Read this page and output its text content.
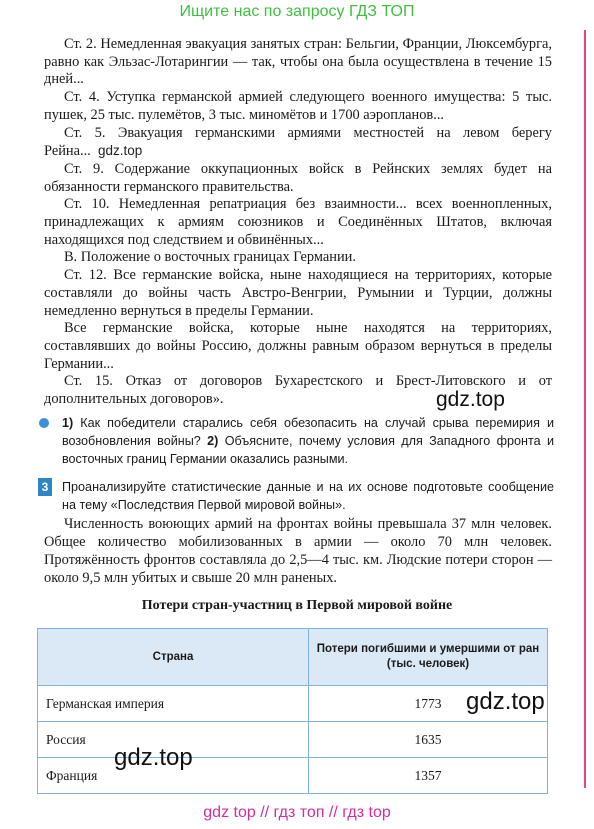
Ищите нас по запросу ГДЗ ТОП

Ст. 2. Немедленная эвакуация занятых стран: Бельгии, Франции, Люксембурга, равно как Эльзас-Лотарингии — так, чтобы она была осуществлена в течение 15 дней...

Ст. 4. Уступка германской армией следующего военного имущества: 5 тыс. пушек, 25 тыс. пулемётов, 3 тыс. миномётов и 1700 аэропланов...

Ст. 5. Эвакуация германскими армиями местностей на левом берегу Рейна... gdz.top

Ст. 9. Содержание оккупационных войск в Рейнских землях будет на обязанности германского правительства.

Ст. 10. Немедленная репатриация без взаимности... всех военнопленных, принадлежащих к армиям союзников и Соединённых Штатов, включая находящихся под следствием и обвинённых...

В. Положение о восточных границах Германии.

Ст. 12. Все германские войска, ныне находящиеся на территориях, которые составляли до войны часть Австро-Венгрии, Румынии и Турции, должны немедленно вернуться в пределы Германии.

Все германские войска, которые ныне находятся на территориях, составлявших до войны Россию, должны равным образом вернуться в пределы Германии...

Ст. 15. Отказ от договоров Бухарестского и Брест-Литовского и от дополнительных договоров».

1) Как победители старались себя обезопасить на случай срыва перемирия и возобновления войны? 2) Объясните, почему условия для Западного фронта и восточных границ Германии оказались разными.
3 Проанализируйте статистические данные и на их основе подготовьте сообщение на тему «Последствия Первой мировой войны».

Численность воюющих армий на фронтах войны превышала 37 млн человек. Общее количество мобилизованных в армии — около 70 млн человек. Протяжённость фронтов составляла до 2,5—4 тыс. км. Людские потери сторон — около 9,5 млн убитых и свыше 20 млн раненых.

Потери стран-участниц в Первой мировой войне
Страна	Потери погибшими и умершими от ран (тыс. человек)
Германская империя	1773
Россия	1635
Франция	1357
gdz.top
gdz.top
gdz.top
gdz top // гдз топ // гдз top
